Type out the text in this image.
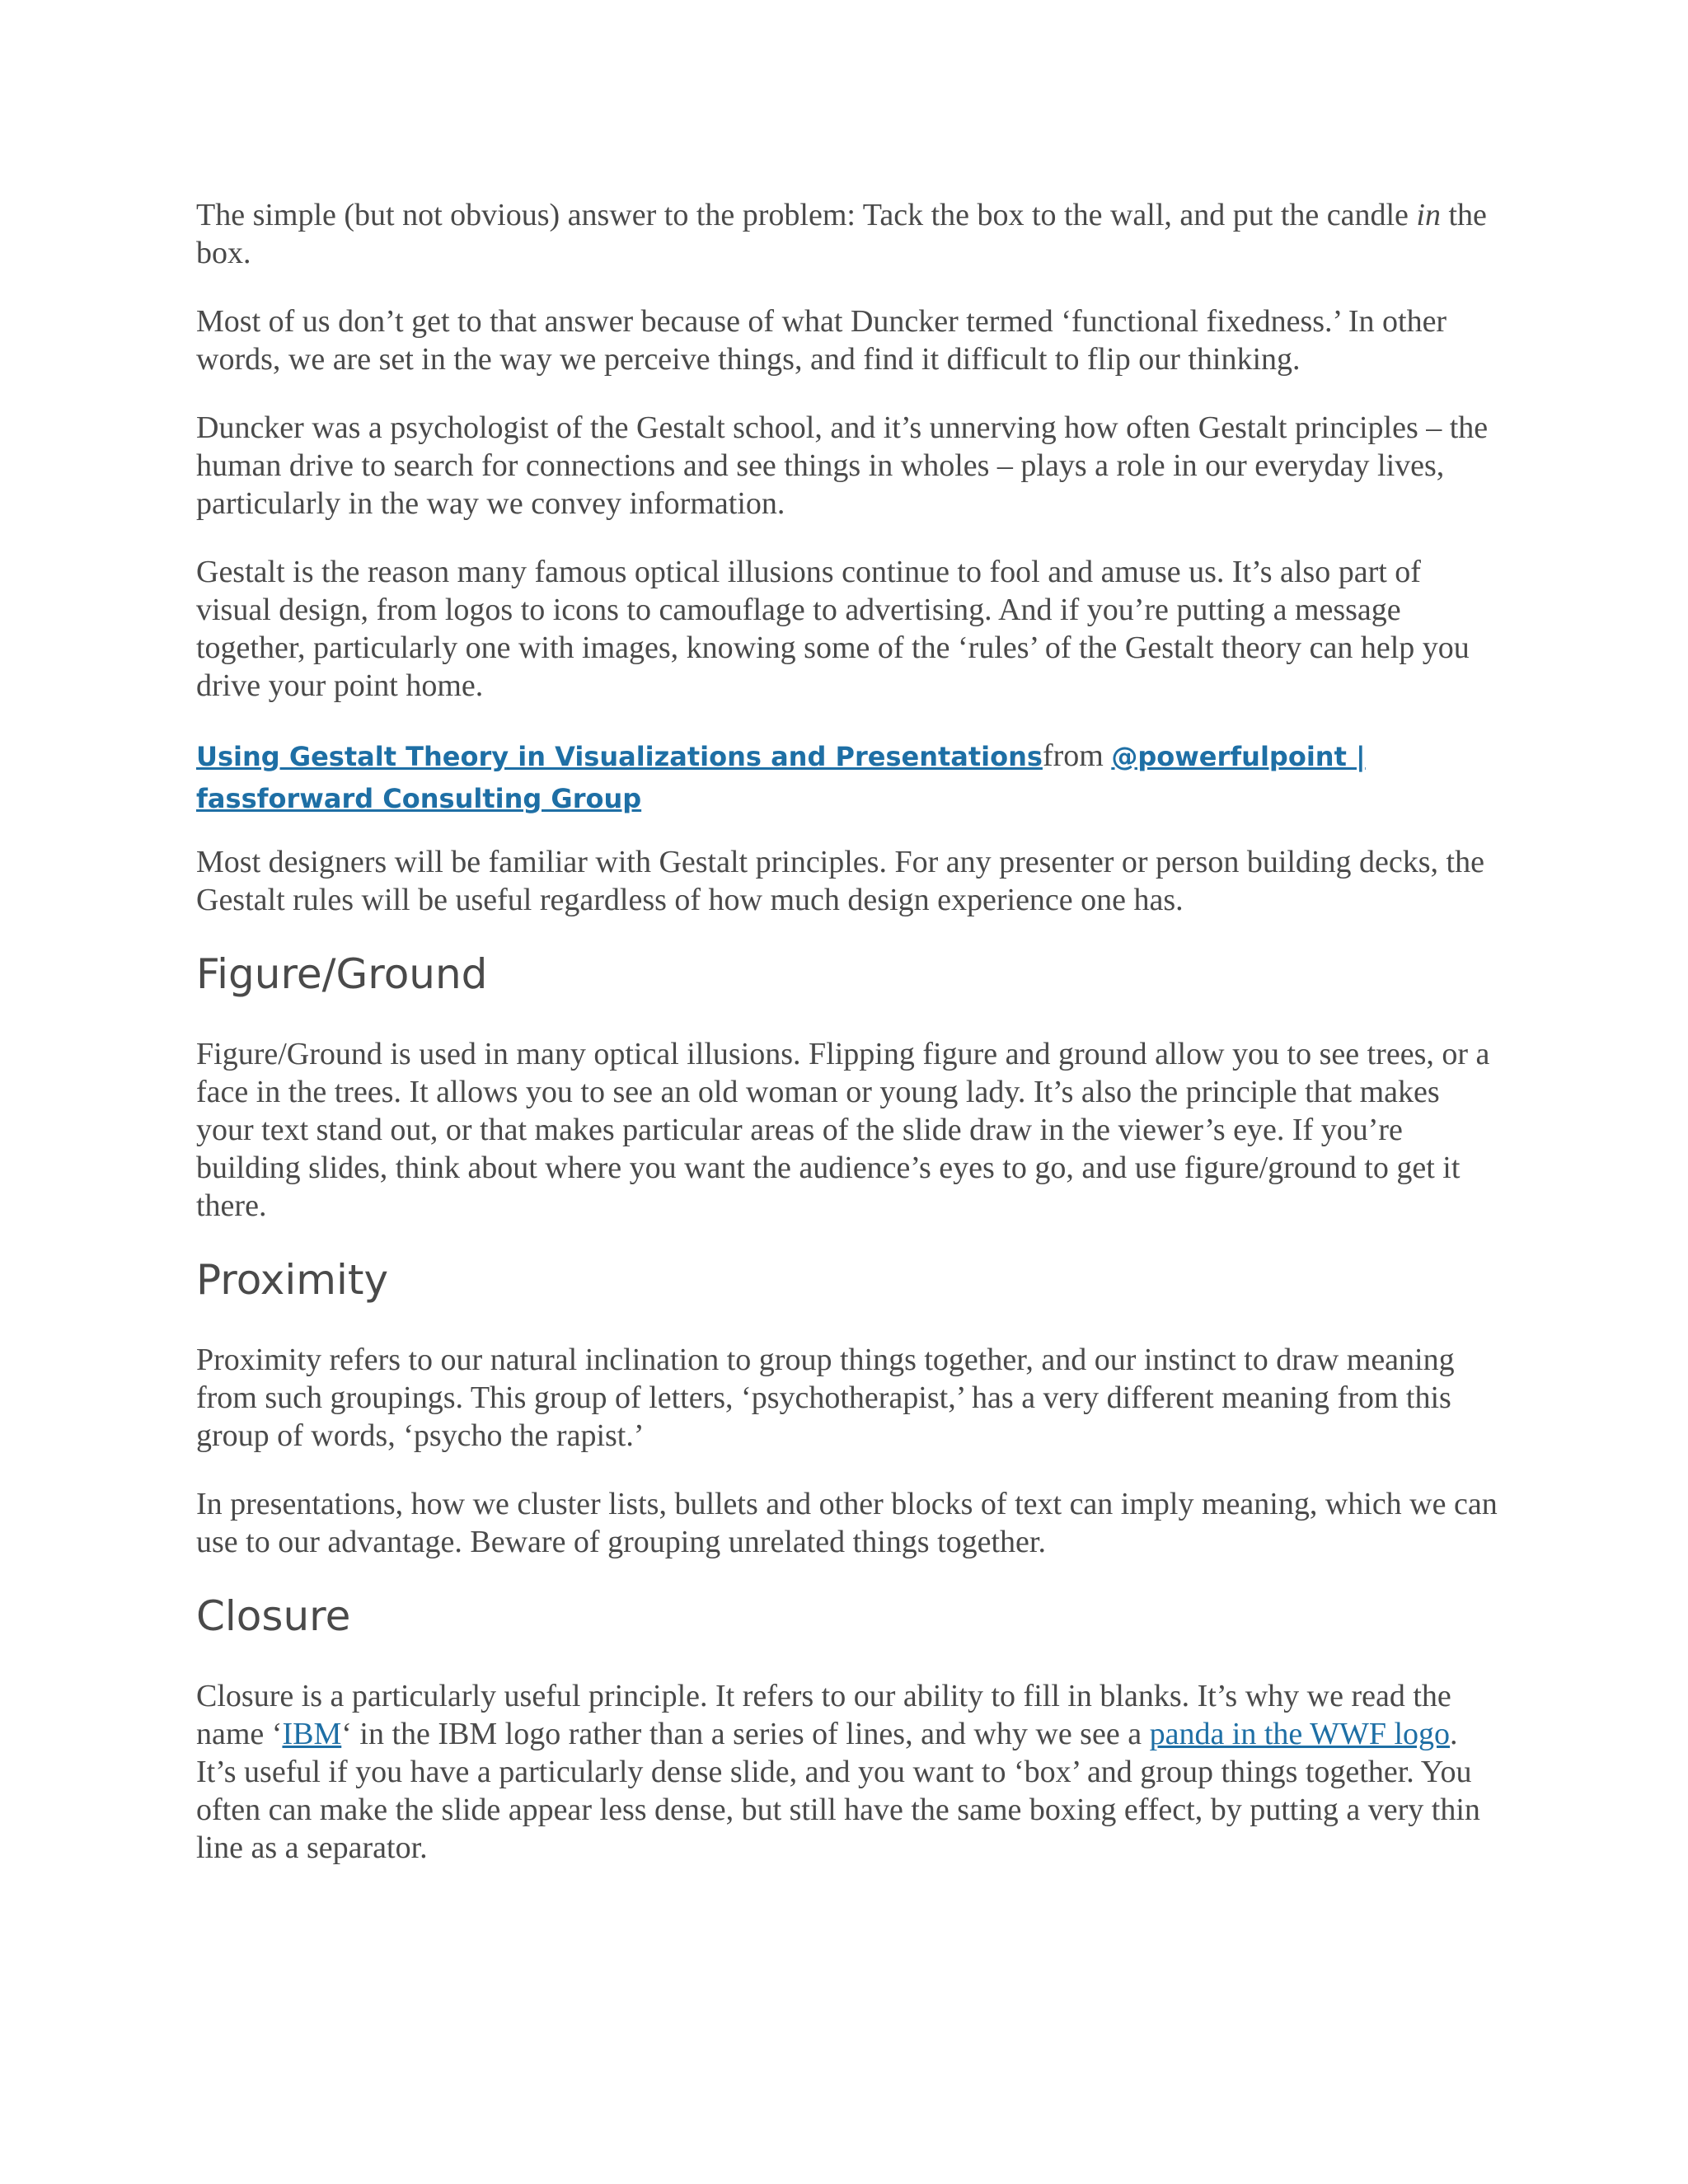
The simple (but not obvious) answer to the problem: Tack the box to the wall, and put the candle in the box.

Most of us don’t get to that answer because of what Duncker termed ‘functional fixedness.’ In other words, we are set in the way we perceive things, and find it difficult to flip our thinking.

Duncker was a psychologist of the Gestalt school, and it’s unnerving how often Gestalt principles – the human drive to search for connections and see things in wholes – plays a role in our everyday lives, particularly in the way we convey information.

Gestalt is the reason many famous optical illusions continue to fool and amuse us. It’s also part of visual design, from logos to icons to camouflage to advertising. And if you’re putting a message together, particularly one with images, knowing some of the ‘rules’ of the Gestalt theory can help you drive your point home.

Using Gestalt Theory in Visualizations and Presentationsfrom @powerfulpoint | fassforward Consulting Group

Most designers will be familiar with Gestalt principles. For any presenter or person building decks, the Gestalt rules will be useful regardless of how much design experience one has.

Figure/Ground

Figure/Ground is used in many optical illusions. Flipping figure and ground allow you to see trees, or a face in the trees. It allows you to see an old woman or young lady. It’s also the principle that makes your text stand out, or that makes particular areas of the slide draw in the viewer’s eye. If you’re building slides, think about where you want the audience’s eyes to go, and use figure/ground to get it there.

Proximity

Proximity refers to our natural inclination to group things together, and our instinct to draw meaning from such groupings. This group of letters, ‘psychotherapist,’ has a very different meaning from this group of words, ‘psycho the rapist.’

In presentations, how we cluster lists, bullets and other blocks of text can imply meaning, which we can use to our advantage. Beware of grouping unrelated things together.

Closure

Closure is a particularly useful principle. It refers to our ability to fill in blanks. It’s why we read the name ‘IBM‘ in the IBM logo rather than a series of lines, and why we see a panda in the WWF logo. It’s useful if you have a particularly dense slide, and you want to ‘box’ and group things together. You often can make the slide appear less dense, but still have the same boxing effect, by putting a very thin line as a separator.
